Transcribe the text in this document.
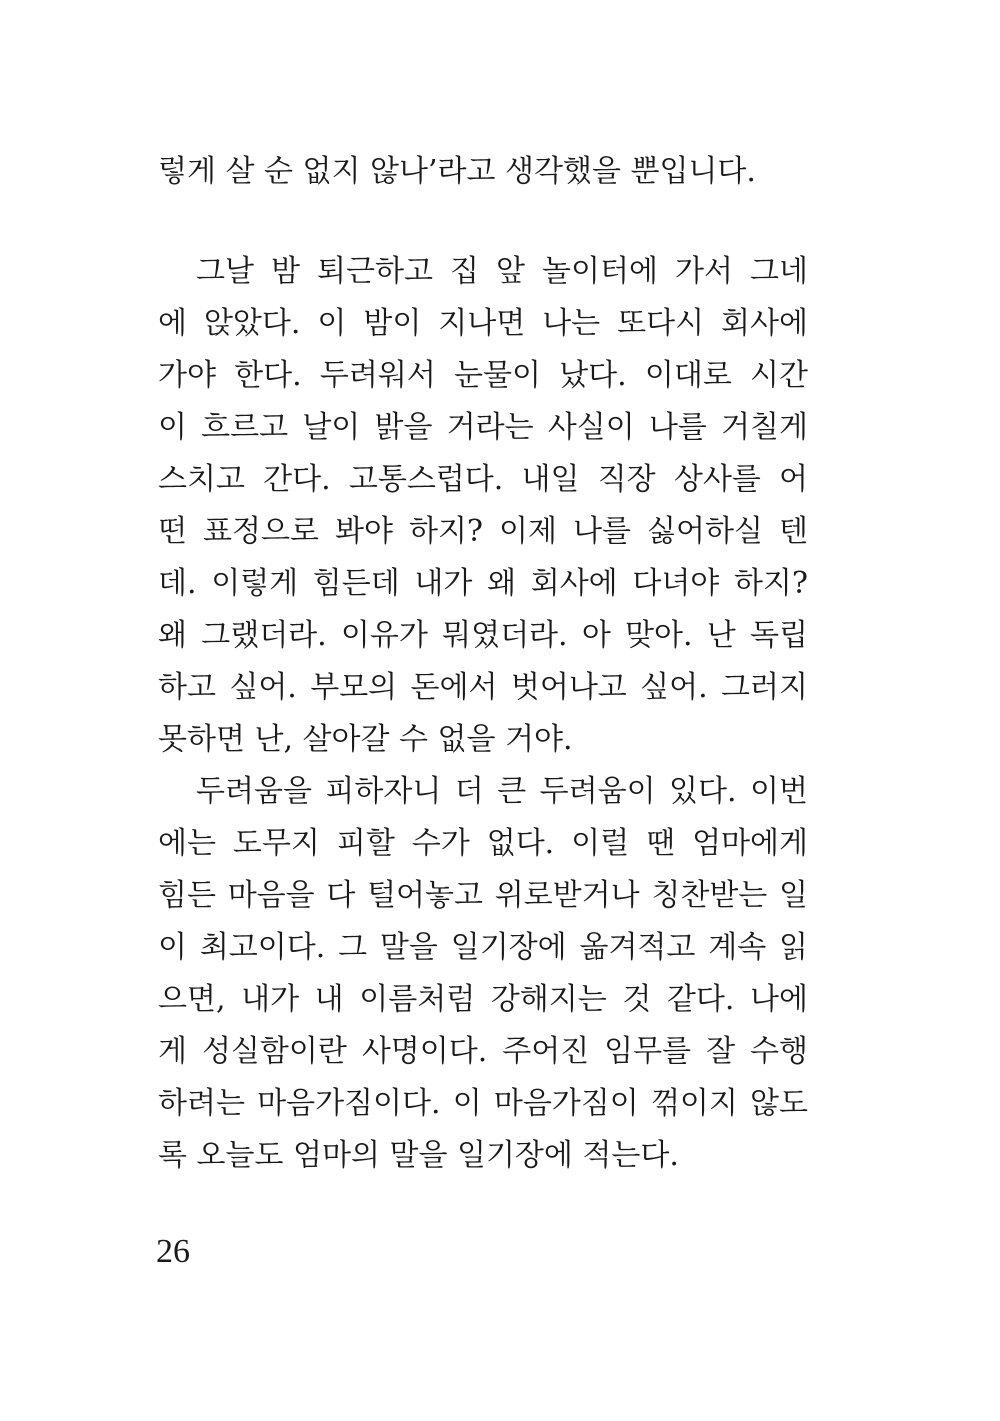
렇게 살 순 없지 않나’라고 생각했을 뿐입니다.
그날 밤 퇴근하고 집 앞 놀이터에 가서 그네
에 앉았다. 이 밤이 지나면 나는 또다시 회사에
가야 한다. 두려워서 눈물이 났다. 이대로 시간
이 흐르고 날이 밝을 거라는 사실이 나를 거칠게
스치고 간다. 고통스럽다. 내일 직장 상사를 어
떤 표정으로 봐야 하지? 이제 나를 싫어하실 텐
데. 이렇게 힘든데 내가 왜 회사에 다녀야 하지?
왜 그랬더라. 이유가 뭐였더라. 아 맞아. 난 독립
하고 싶어. 부모의 돈에서 벗어나고 싶어. 그러지
못하면 난, 살아갈 수 없을 거야.
두려움을 피하자니 더 큰 두려움이 있다. 이번
에는 도무지 피할 수가 없다. 이럴 땐 엄마에게
힘든 마음을 다 털어놓고 위로받거나 칭찬받는 일
이 최고이다. 그 말을 일기장에 옮겨적고 계속 읽
으면, 내가 내 이름처럼 강해지는 것 같다. 나에
게 성실함이란 사명이다. 주어진 임무를 잘 수행
하려는 마음가짐이다. 이 마음가짐이 꺾이지 않도
록 오늘도 엄마의 말을 일기장에 적는다.
26
